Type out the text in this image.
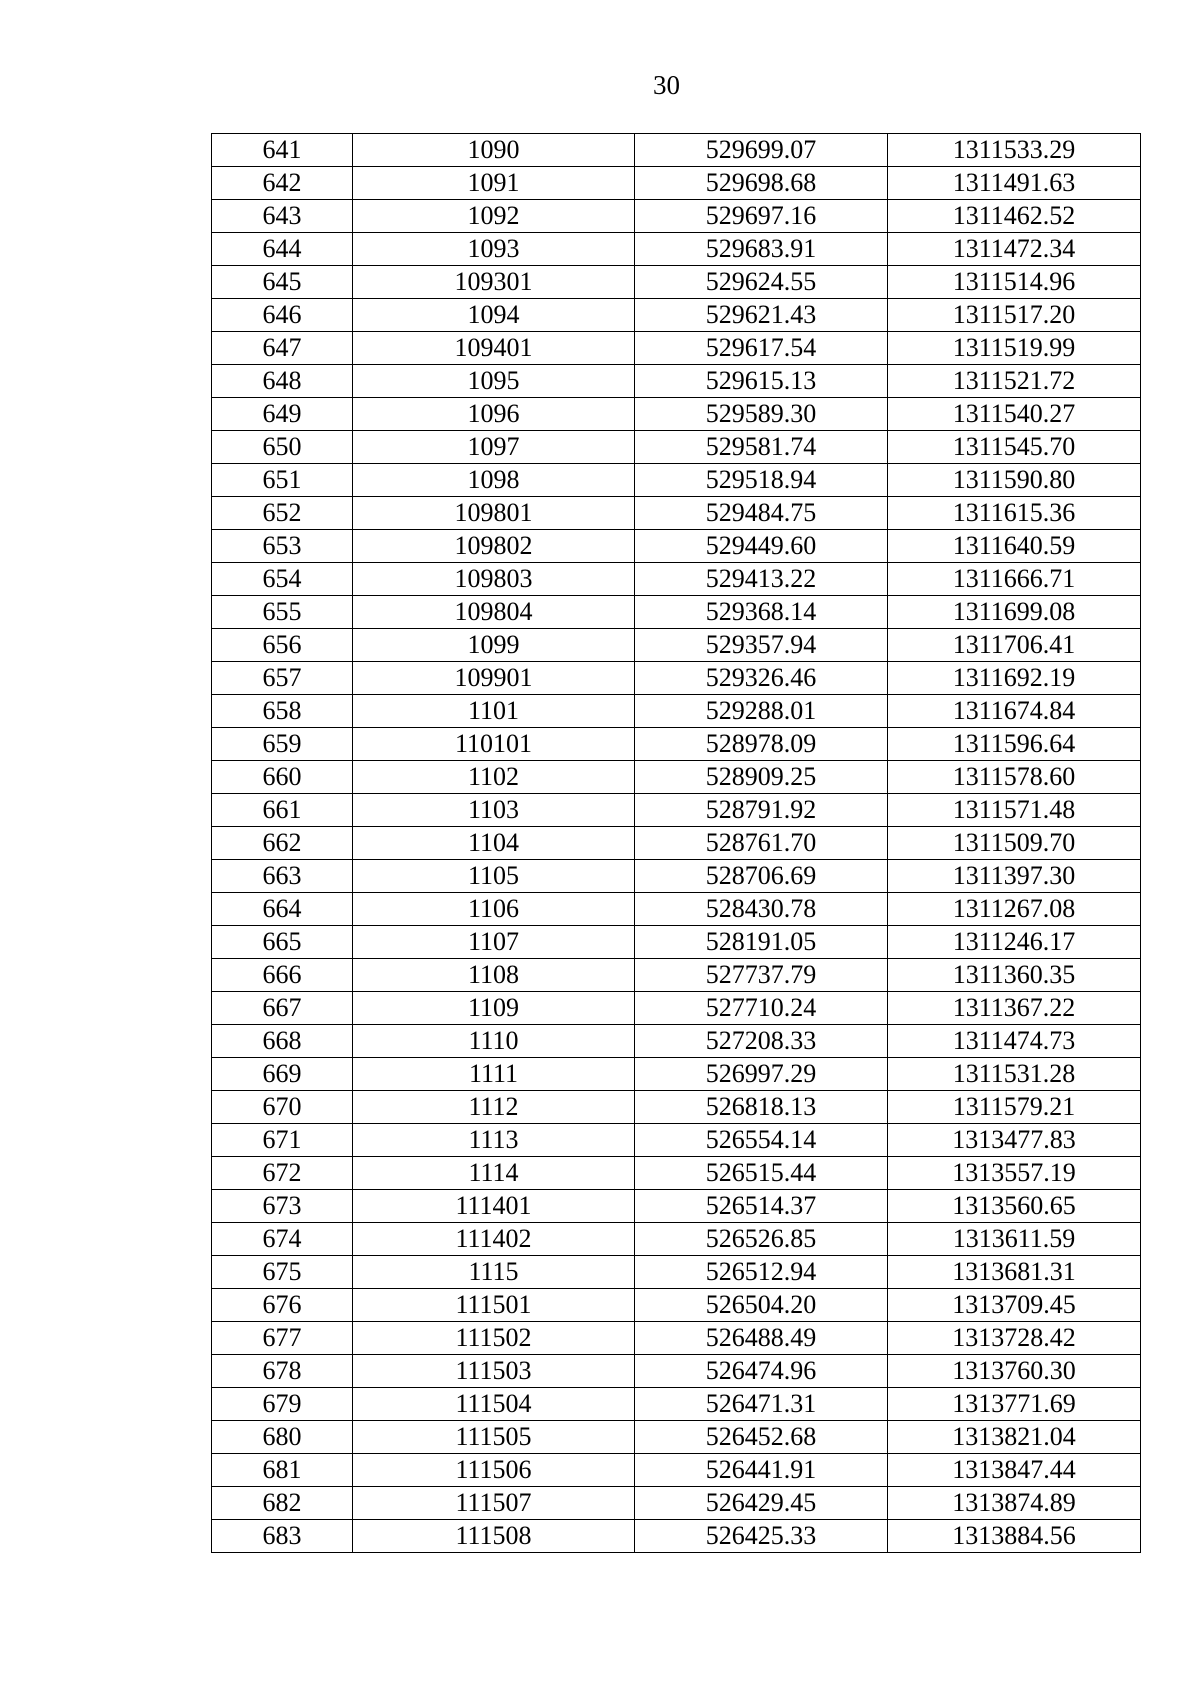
30
641	1090	529699.07	1311533.29
642	1091	529698.68	1311491.63
643	1092	529697.16	1311462.52
644	1093	529683.91	1311472.34
645	109301	529624.55	1311514.96
646	1094	529621.43	1311517.20
647	109401	529617.54	1311519.99
648	1095	529615.13	1311521.72
649	1096	529589.30	1311540.27
650	1097	529581.74	1311545.70
651	1098	529518.94	1311590.80
652	109801	529484.75	1311615.36
653	109802	529449.60	1311640.59
654	109803	529413.22	1311666.71
655	109804	529368.14	1311699.08
656	1099	529357.94	1311706.41
657	109901	529326.46	1311692.19
658	1101	529288.01	1311674.84
659	110101	528978.09	1311596.64
660	1102	528909.25	1311578.60
661	1103	528791.92	1311571.48
662	1104	528761.70	1311509.70
663	1105	528706.69	1311397.30
664	1106	528430.78	1311267.08
665	1107	528191.05	1311246.17
666	1108	527737.79	1311360.35
667	1109	527710.24	1311367.22
668	1110	527208.33	1311474.73
669	1111	526997.29	1311531.28
670	1112	526818.13	1311579.21
671	1113	526554.14	1313477.83
672	1114	526515.44	1313557.19
673	111401	526514.37	1313560.65
674	111402	526526.85	1313611.59
675	1115	526512.94	1313681.31
676	111501	526504.20	1313709.45
677	111502	526488.49	1313728.42
678	111503	526474.96	1313760.30
679	111504	526471.31	1313771.69
680	111505	526452.68	1313821.04
681	111506	526441.91	1313847.44
682	111507	526429.45	1313874.89
683	111508	526425.33	1313884.56
